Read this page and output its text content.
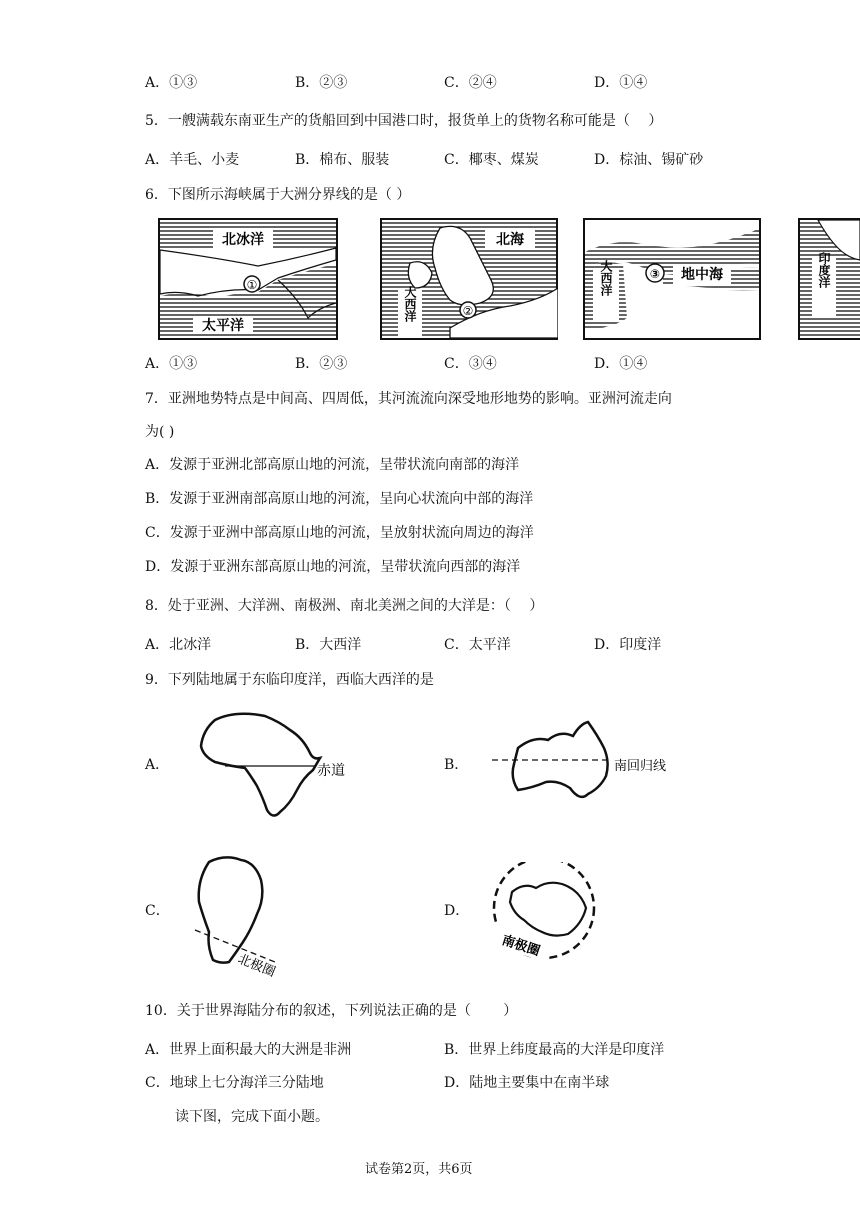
A．①③	B．②③	C．②④	D．①④
5．一艘满载东南亚生产的货船回到中国港口时，报货单上的货物名称可能是（　 ）
A．羊毛、小麦	B．棉布、服装	C．椰枣、煤炭	D．棕油、锡矿砂
6．下图所示海峡属于大洲分界线的是（ ）
北冰洋
①
太平洋
北海
大西洋	②
③ 地中海
大西洋	印度洋
A．①③	B．②③	C．③④	D．①④
7．亚洲地势特点是中间高、四周低，其河流流向深受地形地势的影响。亚洲河流走向
为( )
A．发源于亚洲北部高原山地的河流，呈带状流向南部的海洋
B．发源于亚洲南部高原山地的河流，呈向心状流向中部的海洋
C．发源于亚洲中部高原山地的河流，呈放射状流向周边的海洋
D．发源于亚洲东部高原山地的河流，呈带状流向西部的海洋
8．处于亚洲、大洋洲、南极洲、南北美洲之间的大洋是：（　 ）
A．北冰洋	B．大西洋	C．太平洋	D．印度洋
9．下列陆地属于东临印度洋，西临大西洋的是
A．	赤道	B．	南回归线
C．
北极圈
D．
南极圈
10．关于世界海陆分布的叙述，下列说法正确的是（　 　）
A．世界上面积最大的大洲是非洲	B．世界上纬度最高的大洋是印度洋
C．地球上七分海洋三分陆地	D．陆地主要集中在南半球
读下图，完成下面小题。
试卷第2页，共6页
